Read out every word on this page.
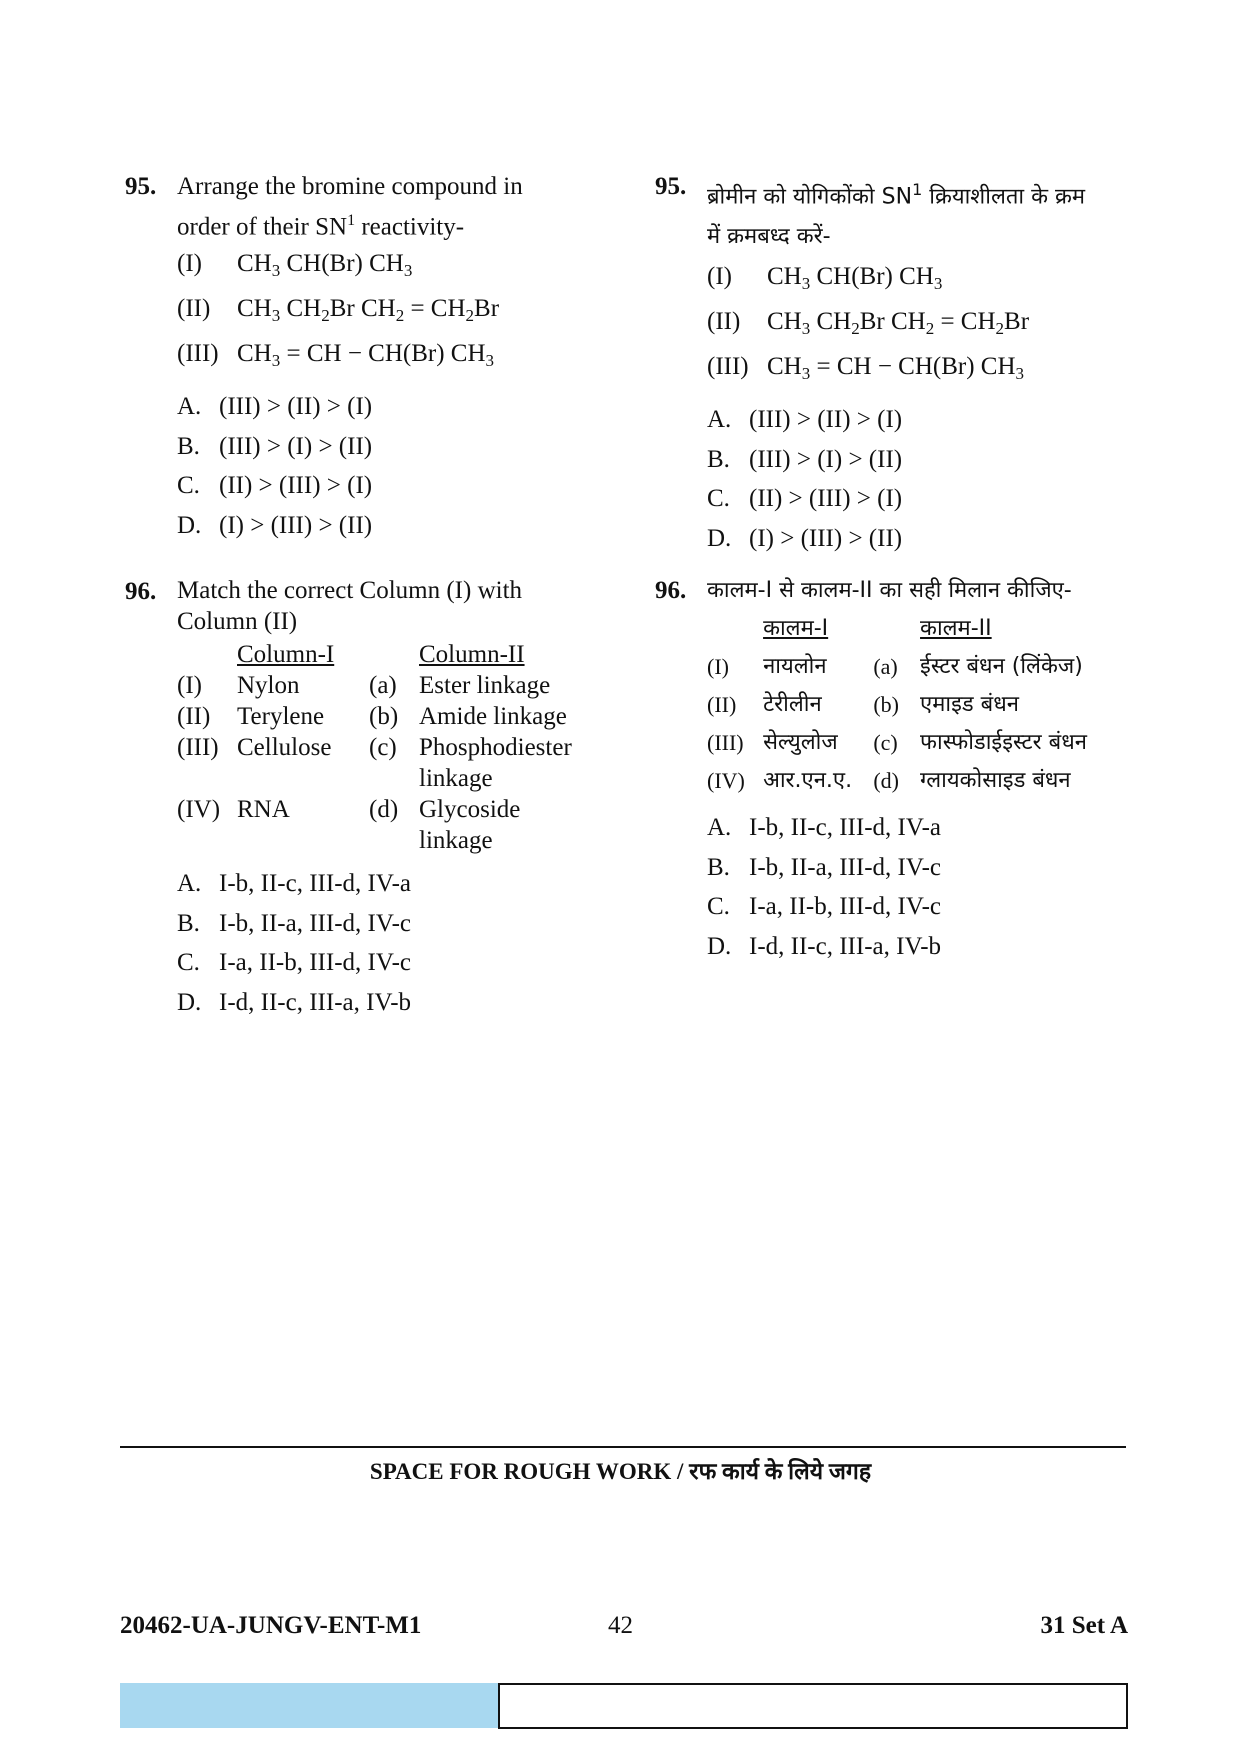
95. Arrange the bromine compound in
order of their $SN^1$ reactivity-

(I)	$CH_3$ CH(Br) $CH_3$
(II)	$CH_3$ $CH_2Br$ $CH_2 = CH_2Br$
(III) $CH_3$ = CH − CH(Br) $CH_3$
A. (III) > (II) > (I)
B. (III) > (I) > (II)
C. (II) > (III) > (I)
D. (I) > (III) > (II)
96. Match the correct Column (I) with
Column (II)

Column-I	Column-II
(I)	Nylon	(a) Ester linkage
(II)	Terylene	(b) Amide linkage
(III) Cellulose	(c) Phosphodiester linkage
(IV) RNA	(d) Glycoside linkage
A. I-b, II-c, III-d, IV-a
B. I-b, II-a, III-d, IV-c
C. I-a, II-b, III-d, IV-c
D. I-d, II-c, III-a, IV-b
95. ब्रोमीन को योगिकोंको $SN^1$ क्रियाशीलता के क्रम
में क्रमबध्द करें-

(I)	$CH_3$ CH(Br) $CH_3$
(II)	$CH_3$ $CH_2Br$ $CH_2 = CH_2Br$
(III) $CH_3$ = CH − CH(Br) $CH_3$
A. (III) > (II) > (I)
B. (III) > (I) > (II)
C. (II) > (III) > (I)
D. (I) > (III) > (II)
96. कालम-I से कालम-II का सही मिलान कीजिए-

कालम-I	कालम-II
(I)	नायलोन	(a)	ईस्टर बंधन (लिंकेज)
(II)	टेरीलीन	(b) एमाइड बंधन
(III) सेल्युलोज	(c)	फास्फोडाईइस्टर बंधन
(IV) आर.एन.ए. (d) ग्लायकोसाइड बंधन
A. I-b, II-c, III-d, IV-a
B. I-b, II-a, III-d, IV-c
C. I-a, II-b, III-d, IV-c
D. I-d, II-c, III-a, IV-b
SPACE FOR ROUGH WORK / रफ कार्य के लिये जगह
20462-UA-JUNGV-ENT-M1	42	31 Set A
